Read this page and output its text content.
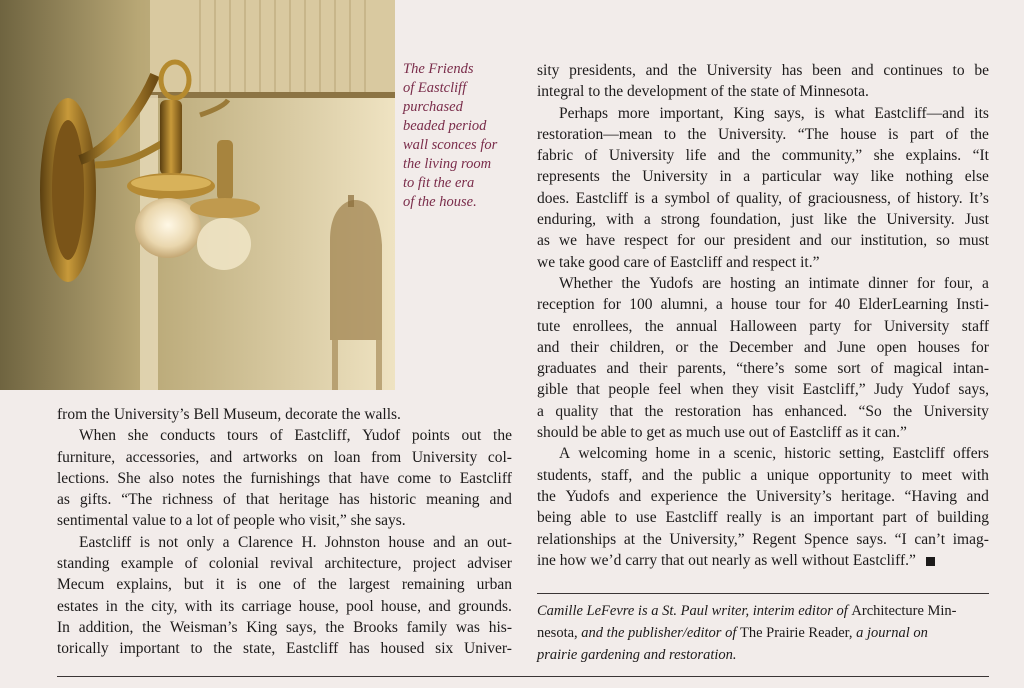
The Friends
of Eastcliff
purchased
beaded period
wall sconces for
the living room
to fit the era
of the house.
from the University’s Bell Museum, decorate the walls.
When she conducts tours of Eastcliff, Yudof points out the
furniture, accessories, and artworks on loan from University col-
lections. She also notes the furnishings that have come to Eastcliff
as gifts. “The richness of that heritage has historic meaning and
sentimental value to a lot of people who visit,” she says.
Eastcliff is not only a Clarence H. Johnston house and an out-
standing example of colonial revival architecture, project adviser
Mecum explains, but it is one of the largest remaining urban
estates in the city, with its carriage house, pool house, and grounds.
In addition, the Weisman’s King says, the Brooks family was his-
torically important to the state, Eastcliff has housed six Univer-
sity presidents, and the University has been and continues to be
integral to the development of the state of Minnesota.
Perhaps more important, King says, is what Eastcliff—and its
restoration—mean to the University. “The house is part of the
fabric of University life and the community,” she explains. “It
represents the University in a particular way like nothing else
does. Eastcliff is a symbol of quality, of graciousness, of history. It’s
enduring, with a strong foundation, just like the University. Just
as we have respect for our president and our institution, so must
we take good care of Eastcliff and respect it.”
Whether the Yudofs are hosting an intimate dinner for four, a
reception for 100 alumni, a house tour for 40 ElderLearning Insti-
tute enrollees, the annual Halloween party for University staff
and their children, or the December and June open houses for
graduates and their parents, “there’s some sort of magical intan-
gible that people feel when they visit Eastcliff,” Judy Yudof says,
a quality that the restoration has enhanced. “So the University
should be able to get as much use out of Eastcliff as it can.”
A welcoming home in a scenic, historic setting, Eastcliff offers
students, staff, and the public a unique opportunity to meet with
the Yudofs and experience the University’s heritage. “Having and
being able to use Eastcliff really is an important part of building
relationships at the University,” Regent Spence says. “I can’t imag-
ine how we’d carry that out nearly as well without Eastcliff.”
Camille LeFevre is a St. Paul writer, interim editor of Architecture Min-
nesota, and the publisher/editor of The Prairie Reader, a journal on
prairie gardening and restoration.
